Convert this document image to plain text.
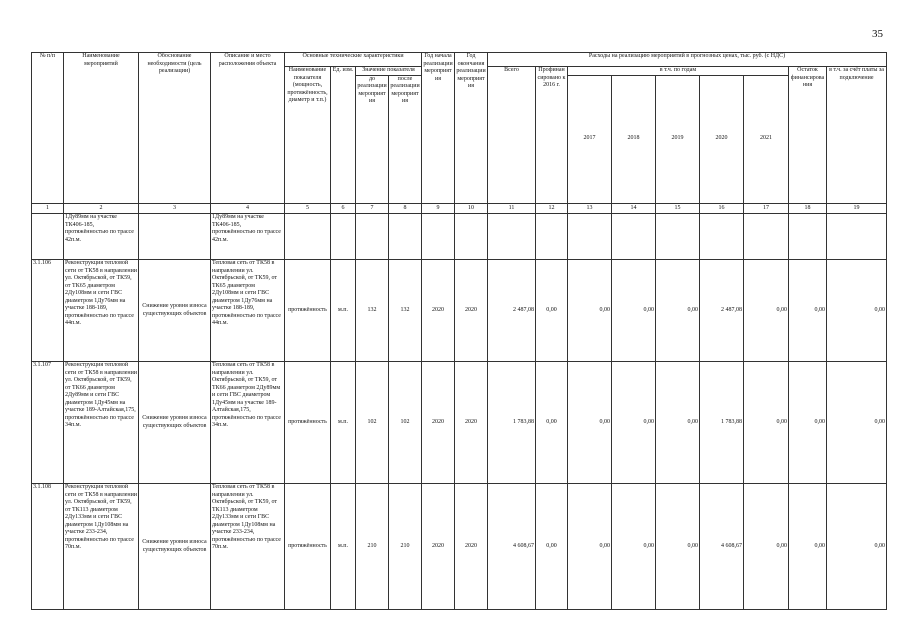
35
№ п/п	Наименование мероприятий	Обоснование необходимости (цель реализации)	Описание и место расположения объекта	Основные технические характеристики				Год начала реализации мероприятия	Год окончания реализации мероприятия	Расходы на реализацию мероприятий в прогнозных ценах, тыс. руб. (с НДС)								
				Наименование показателя (мощность, протяжённость, диаметр и т.п.)	Ед. изм.	Значение показателя				Всего	Профинансировано к 2016 г.	в т.ч. по годам					Остаток финансирования	в т.ч. за счёт платы за подключение
						до реализации мероприятия	после реализации мероприятия					2017	2018	2019	2020	2021		
1	2	3	4	5	6	7	8	9	10	11	12	13	14	15	16	17	18	19
	1Ду89мм на участке ТК406-185, протяжённостью по трассе 42п.м.		1Ду89мм на участке ТК406-185, протяжённостью по трассе 42п.м.															
3.1.106	Реконструкция тепловой сети от ТК58 в направлении ул. Октябрьской, от ТК59, от ТК65 диаметром 2Ду108мм и сети ГВС диаметром 1Ду76мм на участке 188-189, протяжённостью по трассе 44п.м.	Снижение уровня износа существующих объектов	Тепловая сеть от ТК58 в направлении ул. Октябрьской, от ТК59, от ТК65 диаметром 2Ду108мм и сети ГВС диаметром 1Ду76мм на участке 188-189, протяжённостью по трассе 44п.м.	протяжённость	м.п.	132	132	2020	2020	2 487,08	0,00	0,00	0,00	0,00	2 487,08	0,00	0,00	0,00
3.1.107	Реконструкция тепловой сети от ТК58 в направлении ул. Октябрьской, от ТК59, от ТК66 диаметром 2Ду89мм и сети ГВС диаметром 1Ду45мм на участке 189-Алтайская,175, протяжённостью по трассе 34п.м.	Снижение уровня износа существующих объектов	Тепловая сеть от ТК58 в направлении ул. Октябрьской, от ТК59, от ТК66 диаметром 2Ду89мм и сети ГВС диаметром 1Ду45мм на участке 189-Алтайская,175, протяжённостью по трассе 34п.м.	протяжённость	м.п.	102	102	2020	2020	1 783,88	0,00	0,00	0,00	0,00	1 783,88	0,00	0,00	0,00
3.1.108	Реконструкция тепловой сети от ТК58 в направлении ул. Октябрьской, от ТК59, от ТК113 диаметром 2Ду133мм и сети ГВС диаметром 1Ду108мм на участке 233-234, протяжённостью по трассе 70п.м.	Снижение уровня износа существующих объектов	Тепловая сеть от ТК58 в направлении ул. Октябрьской, от ТК59, от ТК113 диаметром 2Ду133мм и сети ГВС диаметром 1Ду108мм на участке 233-234, протяжённостью по трассе 70п.м.	протяжённость	м.п.	210	210	2020	2020	4 608,67	0,00	0,00	0,00	0,00	4 608,67	0,00	0,00	0,00
